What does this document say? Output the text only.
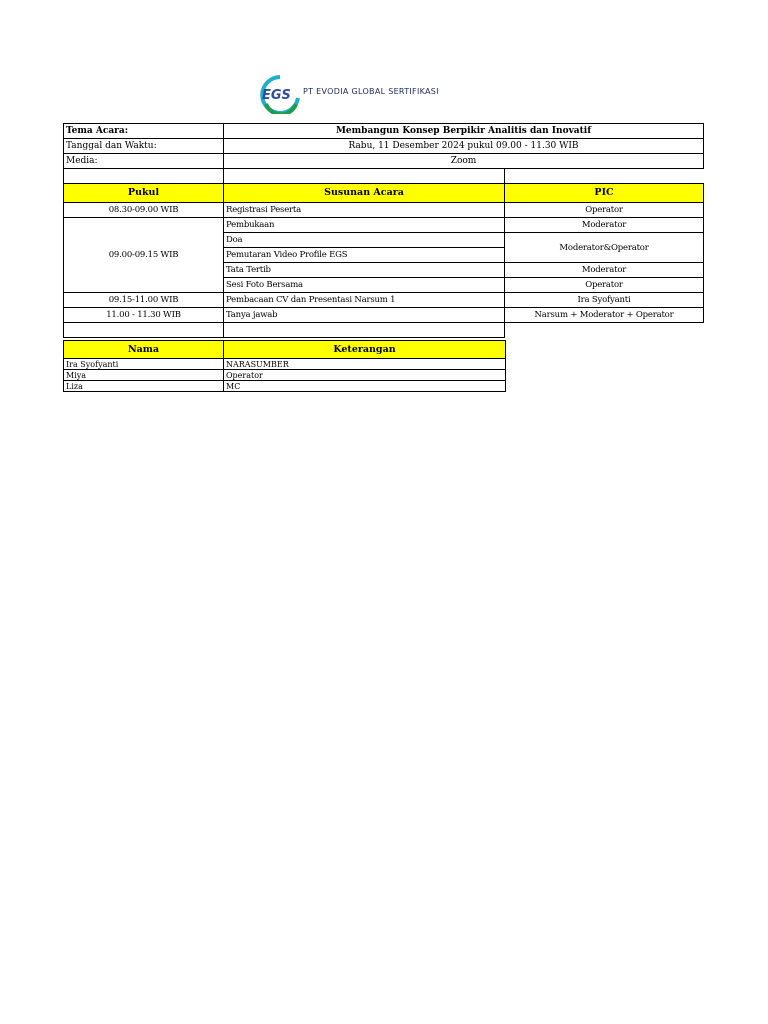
EGS PT EVODIA GLOBAL SERTIFIKASI
Tema Acara:	Membangun Konsep Berpikir Analitis dan Inovatif	
Tanggal dan Waktu:	Rabu, 11 Desember 2024 pukul 09.00 - 11.30 WIB	
Media:	Zoom	

Pukul	Susunan Acara	PIC
08.30-09.00 WIB	Registrasi Peserta	Operator
09.00-09.15 WIB	Pembukaan	Moderator
	Doa	Moderator&Operator
	Pemutaran Video Profile EGS	
	Tata Tertib	Moderator
	Sesi Foto Bersama	Operator
09.15-11.00 WIB	Pembacaan CV dan Presentasi Narsum 1	Ira Syofyanti
11.00 - 11.30 WIB	Tanya jawab	Narsum + Moderator + Operator

Nama	Keterangan
Ira Syofyanti	NARASUMBER
Miya	Operator
Liza	MC
